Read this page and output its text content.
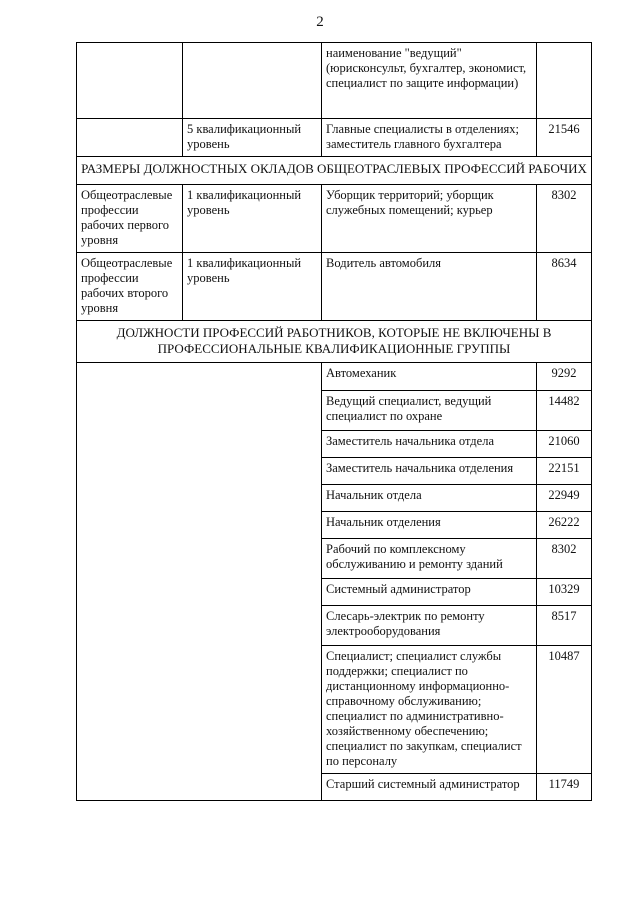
2
		наименование "ведущий" (юрисконсульт, бухгалтер, экономист, специалист по защите информации)	
	5 квалификационный уровень	Главные специалисты в отделениях; заместитель главного бухгалтера	21546
РАЗМЕРЫ ДОЛЖНОСТНЫХ ОКЛАДОВ ОБЩЕОТРАСЛЕВЫХ ПРОФЕССИЙ РАБОЧИХ			
Общеотраслевые профессии рабочих первого уровня	1 квалификационный уровень	Уборщик территорий; уборщик служебных помещений; курьер	8302
Общеотраслевые профессии рабочих второго уровня	1 квалификационный уровень	Водитель автомобиля	8634
ДОЛЖНОСТИ ПРОФЕССИЙ РАБОТНИКОВ, КОТОРЫЕ НЕ ВКЛЮЧЕНЫ В ПРОФЕССИОНАЛЬНЫЕ КВАЛИФИКАЦИОННЫЕ ГРУППЫ			
		Автомеханик	9292
		Ведущий специалист, ведущий специалист по охране	14482
		Заместитель начальника отдела	21060
		Заместитель начальника отделения	22151
		Начальник отдела	22949
		Начальник отделения	26222
		Рабочий по комплексному обслуживанию и ремонту зданий	8302
		Системный администратор	10329
		Слесарь-электрик по ремонту электрооборудования	8517
		Специалист; специалист службы поддержки; специалист по дистанционному информационно-справочному обслуживанию; специалист по административно-хозяйственному обеспечению; специалист по закупкам, специалист по персоналу	10487
		Старший системный администратор	11749
